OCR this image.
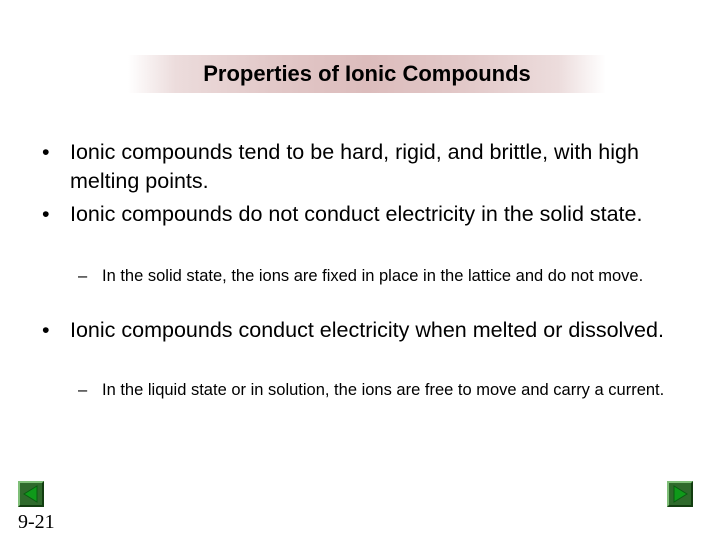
Properties of Ionic Compounds
• Ionic compounds tend to be hard, rigid, and brittle, with high melting points.
• Ionic compounds do not conduct electricity in the solid state.
– In the solid state, the ions are fixed in place in the lattice and do not move.
• Ionic compounds conduct electricity when melted or dissolved.
– In the liquid state or in solution, the ions are free to move and carry a current.
9-21
